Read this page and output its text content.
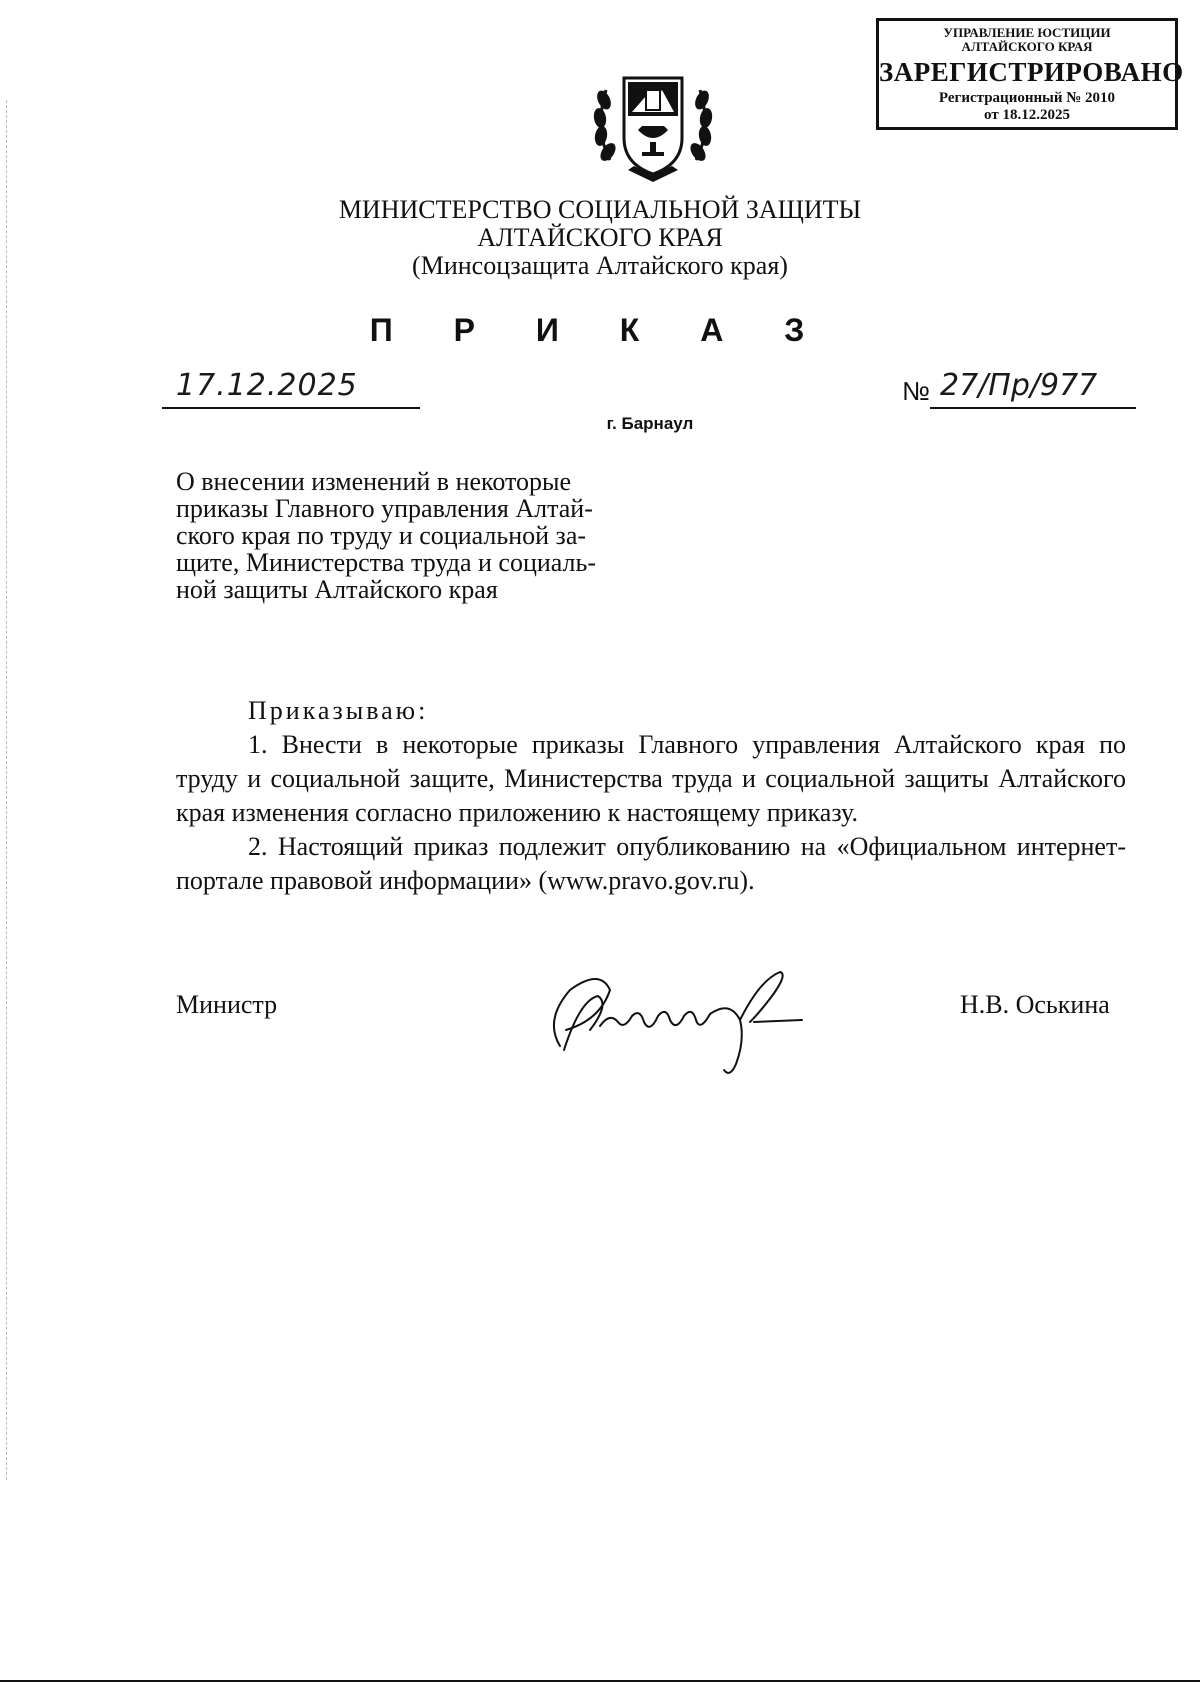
УПРАВЛЕНИЕ ЮСТИЦИИ
АЛТАЙСКОГО КРАЯ
ЗАРЕГИСТРИРОВАНО
Регистрационный № 2010
от 18.12.2025
МИНИСТЕРСТВО СОЦИАЛЬНОЙ ЗАЩИТЫ
АЛТАЙСКОГО КРАЯ
(Минсоцзащита Алтайского края)
П Р И К А З
17.12.2025	№ 27/Пр/977
г. Барнаул
О внесении изменений в некоторые
приказы Главного управления Алтай-
ского края по труду и социальной за-
щите, Министерства труда и социаль-
ной защиты Алтайского края
Приказываю:
1. Внести в некоторые приказы Главного управления Алтайского края по труду и социальной защите, Министерства труда и социальной защиты Алтайского края изменения согласно приложению к настоящему приказу.
2. Настоящий приказ подлежит опубликованию на «Официальном интернет-портале правовой информации» (www.pravo.gov.ru).
Министр	Н.В. Оськина
